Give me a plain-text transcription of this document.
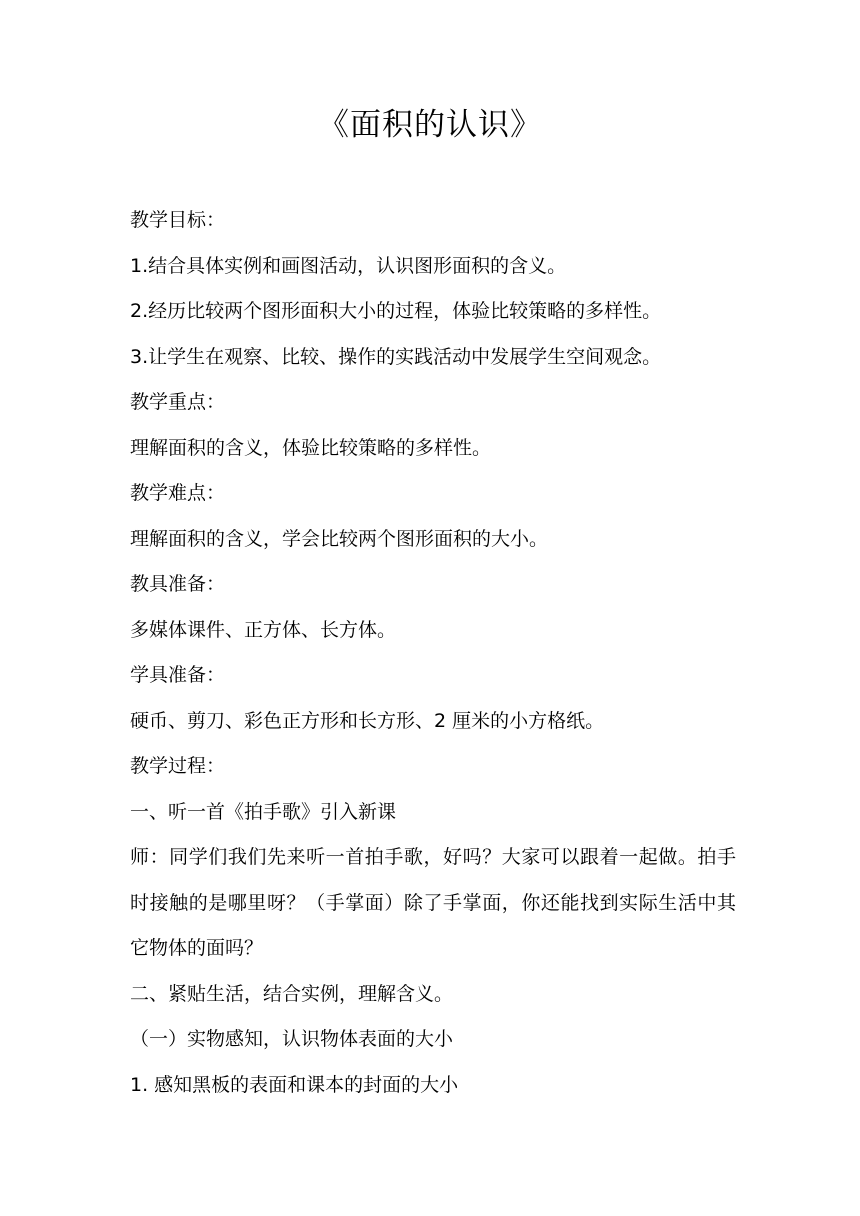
《面积的认识》
教学目标：
1.结合具体实例和画图活动，认识图形面积的含义。
2.经历比较两个图形面积大小的过程，体验比较策略的多样性。
3.让学生在观察、比较、操作的实践活动中发展学生空间观念。
教学重点：
理解面积的含义，体验比较策略的多样性。
教学难点：
理解面积的含义，学会比较两个图形面积的大小。
教具准备：
多媒体课件、正方体、长方体。
学具准备：
硬币、剪刀、彩色正方形和长方形、2 厘米的小方格纸。
教学过程：
一、听一首《拍手歌》引入新课
师：同学们我们先来听一首拍手歌，好吗？大家可以跟着一起做。拍手时接触的是哪里呀？（手掌面）除了手掌面，你还能找到实际生活中其它物体的面吗？
二、紧贴生活，结合实例，理解含义。
（一）实物感知，认识物体表面的大小
1. 感知黑板的表面和课本的封面的大小
